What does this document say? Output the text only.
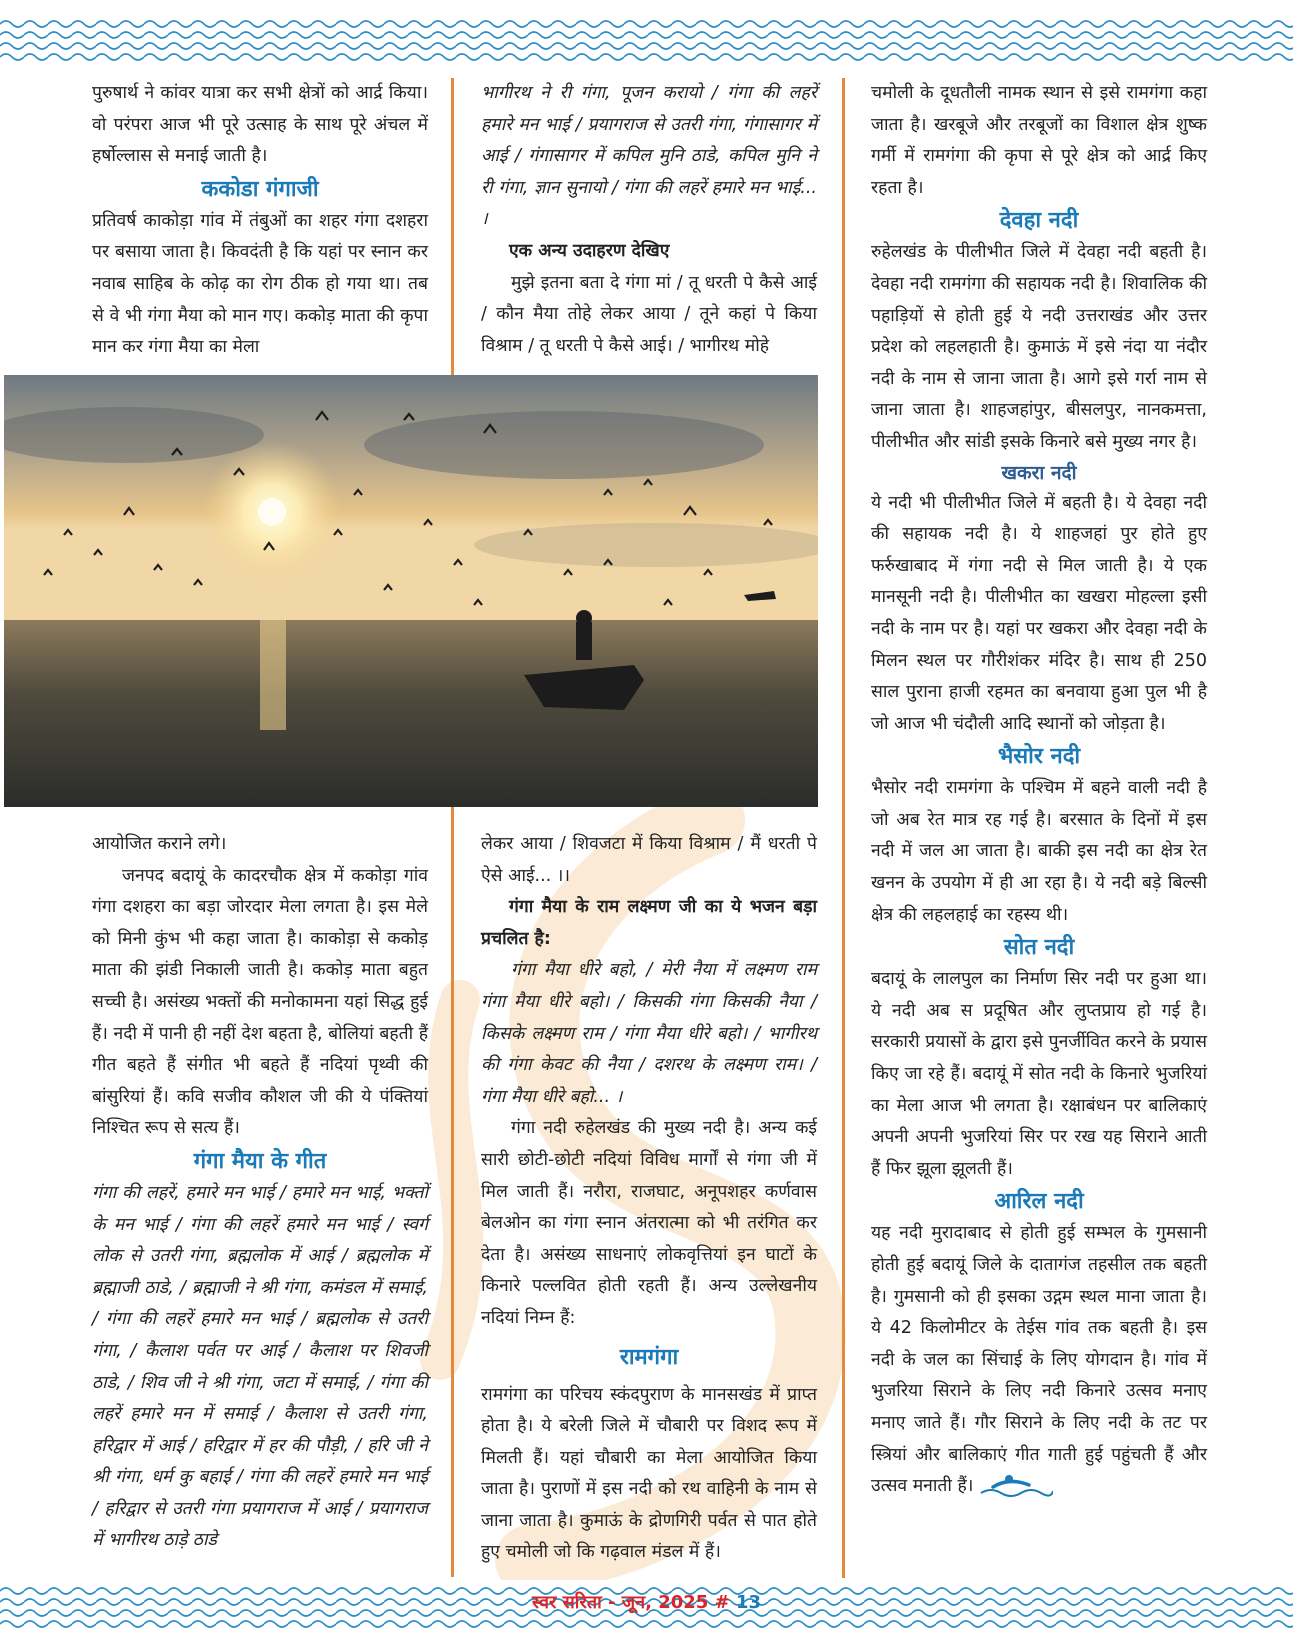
पुरुषार्थ ने कांवर यात्रा कर सभी क्षेत्रों को आर्द्र किया। वो परंपरा आज भी पूरे उत्साह के साथ पूरे अंचल में हर्षोल्लास से मनाई जाती है।

ककोडा गंगाजी

प्रतिवर्ष काकोड़ा गांव में तंबुओं का शहर गंगा दशहरा पर बसाया जाता है। किवदंती है कि यहां पर स्नान कर नवाब साहिब के कोढ़ का रोग ठीक हो गया था। तब से वे भी गंगा मैया को मान गए। ककोड़ माता की कृपा मान कर गंगा मैया का मेला

भागीरथ ने री गंगा, पूजन करायो / गंगा की लहरें हमारे मन भाई / प्रयागराज से उतरी गंगा, गंगासागर में आई / गंगासागर में कपिल मुनि ठाडे, कपिल मुनि ने री गंगा, ज्ञान सुनायो / गंगा की लहरें हमारे मन भाई... ।

एक अन्य उदाहरण देखिए

मुझे इतना बता दे गंगा मां / तू धरती पे कैसे आई / कौन मैया तोहे लेकर आया / तूने कहां पे किया विश्राम / तू धरती पे कैसे आई। / भागीरथ मोहे

आयोजित कराने लगे।

जनपद बदायूं के कादरचौक क्षेत्र में ककोड़ा गांव गंगा दशहरा का बड़ा जोरदार मेला लगता है। इस मेले को मिनी कुंभ भी कहा जाता है। काकोड़ा से ककोड़ माता की झंडी निकाली जाती है। ककोड़ माता बहुत सच्ची है। असंख्य भक्तों की मनोकामना यहां सिद्ध हुई हैं। नदी में पानी ही नहीं देश बहता है, बोलियां बहती हैं गीत बहते हैं संगीत भी बहते हैं नदियां पृथ्वी की बांसुरियां हैं। कवि सजीव कौशल जी की ये पंक्तियां निश्चित रूप से सत्य हैं।

गंगा मैया के गीत

गंगा की लहरें, हमारे मन भाई / हमारे मन भाई, भक्तों के मन भाई / गंगा की लहरें हमारे मन भाई / स्वर्ग लोक से उतरी गंगा, ब्रह्मलोक में आई / ब्रह्मलोक में ब्रह्माजी ठाडे, / ब्रह्माजी ने श्री गंगा, कमंडल में समाई, / गंगा की लहरें हमारे मन भाई / ब्रह्मलोक से उतरी गंगा, / कैलाश पर्वत पर आई / कैलाश पर शिवजी ठाडे, / शिव जी ने श्री गंगा, जटा में समाई, / गंगा की लहरें हमारे मन में समाई / कैलाश से उतरी गंगा, हरिद्वार में आई / हरिद्वार में हर की पौड़ी, / हरि जी ने श्री गंगा, धर्म कु बहाई / गंगा की लहरें हमारे मन भाई / हरिद्वार से उतरी गंगा प्रयागराज में आई / प्रयागराज में भागीरथ ठाड़े ठाडे

लेकर आया / शिवजटा में किया विश्राम / मैं धरती पे ऐसे आई... ।।

गंगा मैया के राम लक्ष्मण जी का ये भजन बड़ा प्रचलित है:

गंगा मैया धीरे बहो, / मेरी नैया में लक्ष्मण राम गंगा मैया धीरे बहो। / किसकी गंगा किसकी नैया / किसके लक्ष्मण राम / गंगा मैया धीरे बहो। / भागीरथ की गंगा केवट की नैया / दशरथ के लक्ष्मण राम। / गंगा मैया धीरे बहो... ।

गंगा नदी रुहेलखंड की मुख्य नदी है। अन्य कई सारी छोटी-छोटी नदियां विविध मार्गों से गंगा जी में मिल जाती हैं। नरौरा, राजघाट, अनूपशहर कर्णवास बेलओन का गंगा स्नान अंतरात्मा को भी तरंगित कर देता है। असंख्य साधनाएं लोकवृत्तियां इन घाटों के किनारे पल्लवित होती रहती हैं। अन्य उल्लेखनीय नदियां निम्न हैं:

रामगंगा

रामगंगा का परिचय स्कंदपुराण के मानसखंड में प्राप्त होता है। ये बरेली जिले में चौबारी पर विशद रूप में मिलती हैं। यहां चौबारी का मेला आयोजित किया जाता है। पुराणों में इस नदी को रथ वाहिनी के नाम से जाना जाता है। कुमाऊं के द्रोणगिरी पर्वत से पात होते हुए चमोली जो कि गढ़वाल मंडल में हैं।

चमोली के दूधतौली नामक स्थान से इसे रामगंगा कहा जाता है। खरबूजे और तरबूजों का विशाल क्षेत्र शुष्क गर्मी में रामगंगा की कृपा से पूरे क्षेत्र को आर्द्र किए रहता है।

देवहा नदी

रुहेलखंड के पीलीभीत जिले में देवहा नदी बहती है। देवहा नदी रामगंगा की सहायक नदी है। शिवालिक की पहाड़ियों से होती हुई ये नदी उत्तराखंड और उत्तर प्रदेश को लहलहाती है। कुमाऊं में इसे नंदा या नंदौर नदी के नाम से जाना जाता है। आगे इसे गर्रा नाम से जाना जाता है। शाहजहांपुर, बीसलपुर, नानकमत्ता, पीलीभीत और सांडी इसके किनारे बसे मुख्य नगर है।

खकरा नदी

ये नदी भी पीलीभीत जिले में बहती है। ये देवहा नदी की सहायक नदी है। ये शाहजहां पुर होते हुए फर्रुखाबाद में गंगा नदी से मिल जाती है। ये एक मानसूनी नदी है। पीलीभीत का खखरा मोहल्ला इसी नदी के नाम पर है। यहां पर खकरा और देवहा नदी के मिलन स्थल पर गौरीशंकर मंदिर है। साथ ही 250 साल पुराना हाजी रहमत का बनवाया हुआ पुल भी है जो आज भी चंदौली आदि स्थानों को जोड़ता है।

भैसोर नदी

भैसोर नदी रामगंगा के पश्चिम में बहने वाली नदी है जो अब रेत मात्र रह गई है। बरसात के दिनों में इस नदी में जल आ जाता है। बाकी इस नदी का क्षेत्र रेत खनन के उपयोग में ही आ रहा है। ये नदी बड़े बिल्सी क्षेत्र की लहलहाई का रहस्य थी।

सोत नदी

बदायूं के लालपुल का निर्माण सिर नदी पर हुआ था। ये नदी अब स प्रदूषित और लुप्तप्राय हो गई है। सरकारी प्रयासों के द्वारा इसे पुनर्जीवित करने के प्रयास किए जा रहे हैं। बदायूं में सोत नदी के किनारे भुजरियां का मेला आज भी लगता है। रक्षाबंधन पर बालिकाएं अपनी अपनी भुजरियां सिर पर रख यह सिराने आती हैं फिर झूला झूलती हैं।

आरिल नदी

यह नदी मुरादाबाद से होती हुई सम्भल के गुमसानी होती हुई बदायूं जिले के दातागंज तहसील तक बहती है। गुमसानी को ही इसका उद्गम स्थल माना जाता है। ये 42 किलोमीटर के तेईस गांव तक बहती है। इस नदी के जल का सिंचाई के लिए योगदान है। गांव में भुजरिया सिराने के लिए नदी किनारे उत्सव मनाए मनाए जाते हैं। गौर सिराने के लिए नदी के तट पर स्त्रियां और बालिकाएं गीत गाती हुई पहुंचती हैं और उत्सव मनाती हैं।

स्वर सरिता - जून, 2025 # 13
